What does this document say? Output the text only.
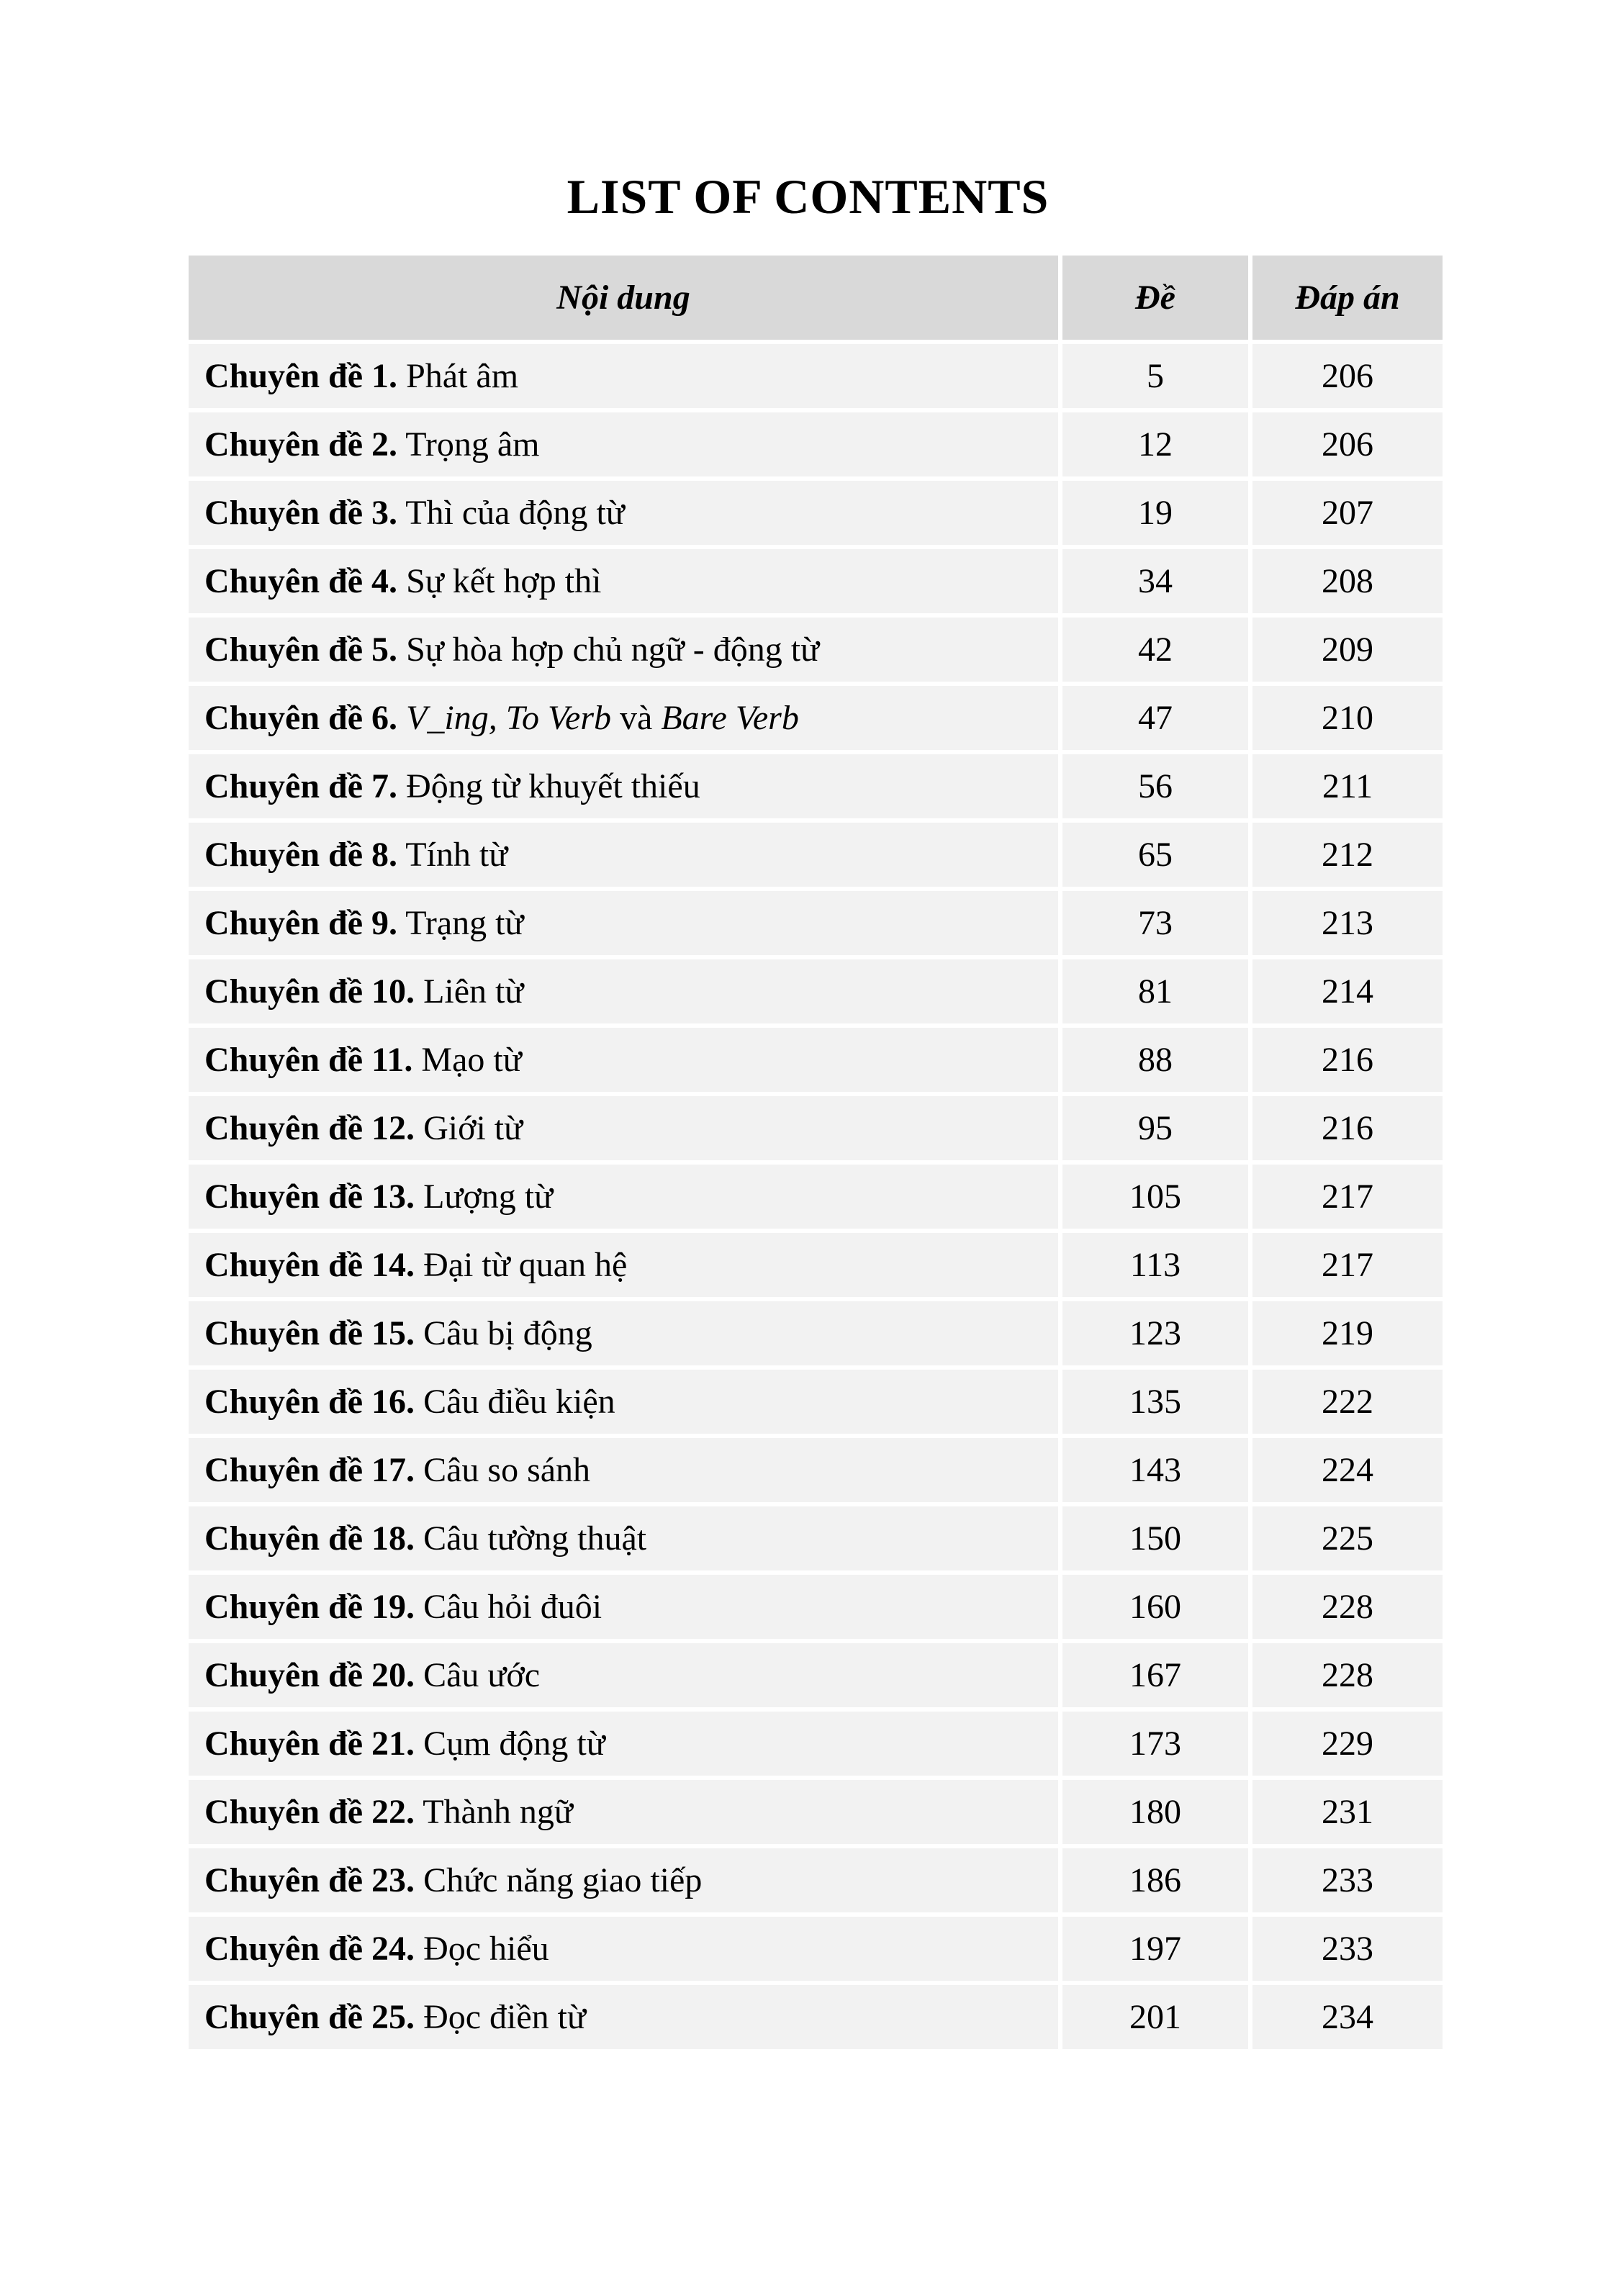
LIST OF CONTENTS
Nội dung	Đề	Đáp án
Chuyên đề 1. Phát âm	5	206
Chuyên đề 2. Trọng âm	12	206
Chuyên đề 3. Thì của động từ	19	207
Chuyên đề 4. Sự kết hợp thì	34	208
Chuyên đề 5. Sự hòa hợp chủ ngữ - động từ	42	209
Chuyên đề 6. V_ing, To Verb và Bare Verb	47	210
Chuyên đề 7. Động từ khuyết thiếu	56	211
Chuyên đề 8. Tính từ	65	212
Chuyên đề 9. Trạng từ	73	213
Chuyên đề 10. Liên từ	81	214
Chuyên đề 11. Mạo từ	88	216
Chuyên đề 12. Giới từ	95	216
Chuyên đề 13. Lượng từ	105	217
Chuyên đề 14. Đại từ quan hệ	113	217
Chuyên đề 15. Câu bị động	123	219
Chuyên đề 16. Câu điều kiện	135	222
Chuyên đề 17. Câu so sánh	143	224
Chuyên đề 18. Câu tường thuật	150	225
Chuyên đề 19. Câu hỏi đuôi	160	228
Chuyên đề 20. Câu ước	167	228
Chuyên đề 21. Cụm động từ	173	229
Chuyên đề 22. Thành ngữ	180	231
Chuyên đề 23. Chức năng giao tiếp	186	233
Chuyên đề 24. Đọc hiểu	197	233
Chuyên đề 25. Đọc điền từ	201	234
